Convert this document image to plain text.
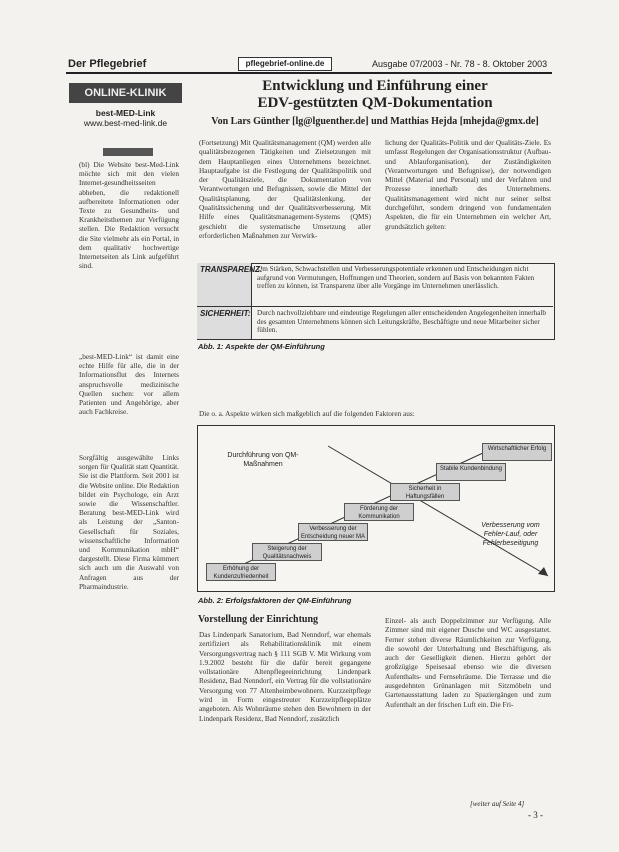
Der Pflegebrief	pflegebrief-online.de	Ausgabe 07/2003 - Nr. 78 - 8. Oktober 2003
ONLINE-KLINIK
best-MED-Link
www.best-med-link.de
(bl) Die Website best-Med-Link möchte sich mit den vielen Internet-gesundheitsseiten abheben, die redaktionell aufbereitete Informationen oder Texte zu Gesundheits- und Krankheitsthemen zur Verfügung stellen. Die Redaktion versucht die Site vielmehr als ein Portal, in dem qualitativ hochwertige Internetseiten als Link aufgeführt sind.
„best-MED-Link“ ist damit eine echte Hilfe für alle, die in der Informationsflut des Internets anspruchsvolle medizinische Quellen suchen: vor allem Patienten und Angehörige, aber auch Fachkreise.
Sorgfältig ausgewählte Links sorgen für Qualität statt Quantität. Sie ist die Plattform. Seit 2001 ist die Website online. Die Redaktion bildet ein Psychologe, ein Arzt sowie die Wissenschaftler. Beratung best-MED-Link wird als Leistung der „Santon-Gesellschaft für Soziales, wissenschaftliche Information und Kommunikation mbH“ dargestellt. Diese Firma kümmert sich auch um die Auswahl von Anfragen aus der Pharmaindustrie.
Entwicklung und Einführung einer
EDV-gestützten QM-Dokumentation
Von Lars Günther [lg@lguenther.de] und Matthias Hejda [mhejda@gmx.de]
(Fortsetzung) Mit Qualitätsmanagement (QM) werden alle qualitätsbezogenen Tätigkeiten und Zielsetzungen mit dem Hauptanliegen eines Unternehmens bezeichnet. Hauptaufgabe ist die Festlegung der Qualitätspolitik und der Qualitätsziele, die Dokumentation von Verantwortungen und Befugnissen, sowie die Mittel der Qualitätsplanung, der Qualitätslenkung, der Qualitätssicherung und der Qualitätsverbesserung. Mit Hilfe eines Qualitätsmanagement-Systems (QMS) geschieht die systematische Umsetzung aller erforderlichen Maßnahmen zur Verwirk-
lichung der Qualitäts-Politik und der Qualitäts-Ziele. Es umfasst Regelungen der Organisationsstruktur (Aufbau- und Ablauforganisation), der Zuständigkeiten (Verantwortungen und Befugnisse), der notwendigen Mittel (Material und Personal) und der Verfahren und Prozesse innerhalb des Unternehmens. Qualitätsmanagement wird nicht nur seiner selbst durchgeführt, sondern dringend von fundamentalen Aspekten, die für ein Unternehmen ein welcher Art, grundsätzlich gelten:
TRANSPARENZ:
Um Stärken, Schwachstellen und Verbesserungspotentiale erkennen und Entscheidungen nicht aufgrund von Vermutungen, Hoffnungen und Theorien, sondern auf Basis von bekannten Fakten treffen zu können, ist Transparenz über alle Vorgänge im Unternehmen unerlässlich.
SICHERHEIT: Durch nachvollziehbare und eindeutige Regelungen aller entscheidenden Angelegenheiten innerhalb des gesamten Unternehmens können sich Leitungskräfte, Beschäftigte und neue Mitarbeiter sicher fühlen.
Abb. 1: Aspekte der QM-Einführung
Die o. a. Aspekte wirken sich maßgeblich auf die folgenden Faktoren aus:
Durchführung von QM-Maßnahmen
Verbesserung vom Fehler-Lauf, oder Fehlerbeseitigung
Erhöhung der Kundenzufriedenheit
Steigerung der Qualitätsnachweis
Verbesserung der Entscheidung neuer MA
Förderung der Kommunikation
Sicherheit in Haftungsfällen
Stabile Kundenbindung
Wirtschaftlicher Erfolg
Abb. 2: Erfolgsfaktoren der QM-Einführung
Vorstellung der Einrichtung
Das Lindenpark Sanatorium, Bad Nenndorf, war ehemals zertifiziert als Rehabilitationsklinik mit einem Versorgungsvertrag nach § 111 SGB V. Mit Wirkung vom 1.9.2002 besteht für die dafür bereit gegangene vollstationäre Altenpflegeeinrichtung Lindenpark Residenz, Bad Nenndorf, ein Vertrag für die vollstationäre Versorgung von 77 Altenheimbewohnern. Kurzzeitpflege wird in Form eingestreuter Kurzzeitpflegeplätze angeboten. Als Wohnräume stehen den Bewohnern in der Lindenpark Residenz, Bad Nenndorf, zusätzlich
Einzel- als auch Doppelzimmer zur Verfügung. Alle Zimmer sind mit eigener Dusche und WC ausgestattet. Ferner stehen diverse Räumlichkeiten zur Verfügung, die sowohl der Unterhaltung und Beschäftigung, als auch der Geselligkeit dienen. Hierzu gehört der großzügige Speisesaal ebenso wie die diversen Aufenthalts- und Fernsehräume. Die Terrasse und die ausgedehnten Grünanlagen mit Sitzmöbeln und Gartenausstattung laden zu Spaziergängen und zum Aufenthalt an der frischen Luft ein. Die Fri-
[weiter auf Seite 4]
- 3 -
